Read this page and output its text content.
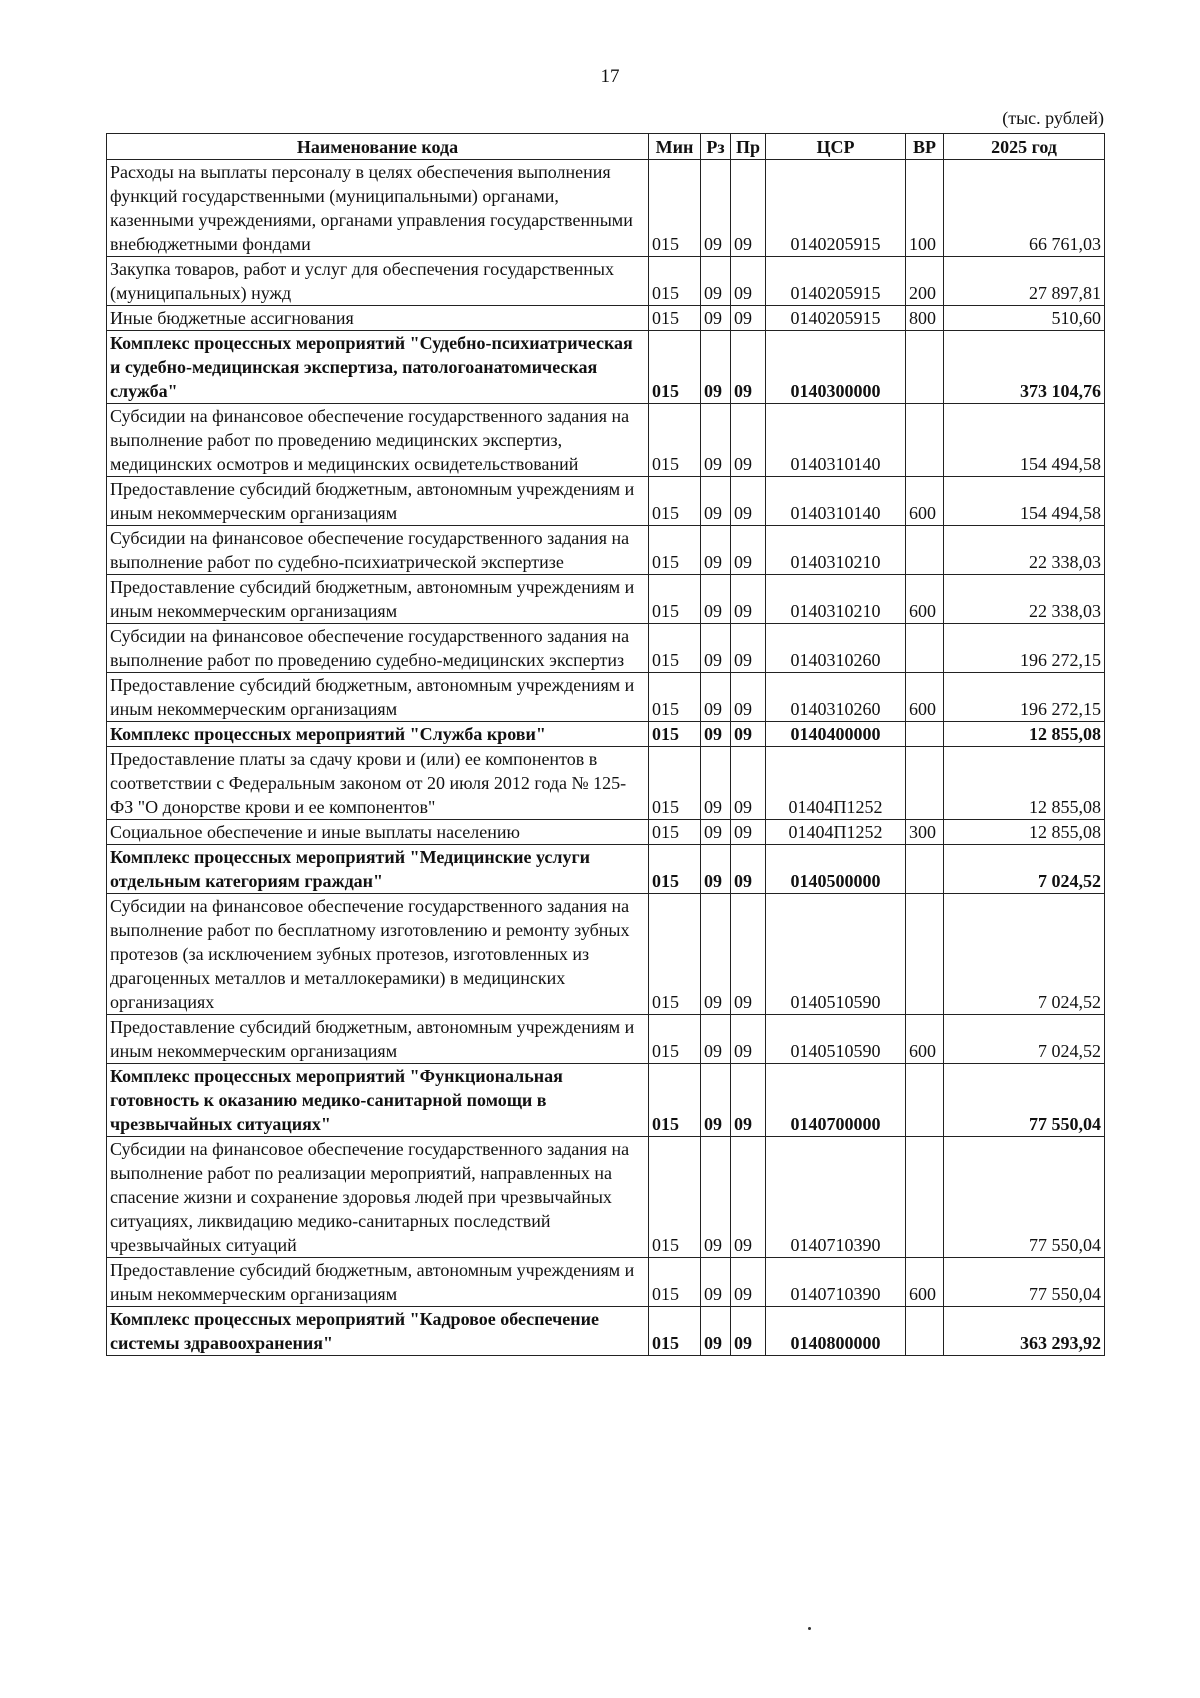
17
(тыс. рублей)
Наименование кода	Мин	Рз	Пр	ЦСР	ВР	2025 год
Расходы на выплаты персоналу в целях обеспечения выполнения функций государственными (муниципальными) органами, казенными учреждениями, органами управления государственными внебюджетными фондами	015	09	09	0140205915	100	66 761,03
Закупка товаров, работ и услуг для обеспечения государственных (муниципальных) нужд	015	09	09	0140205915	200	27 897,81
Иные бюджетные ассигнования	015	09	09	0140205915	800	510,60
Комплекс процессных мероприятий "Судебно-психиатрическая и судебно-медицинская экспертиза, патологоанатомическая служба"	015	09	09	0140300000		373 104,76
Субсидии на финансовое обеспечение государственного задания на выполнение работ по проведению медицинских экспертиз, медицинских осмотров и медицинских освидетельствований	015	09	09	0140310140		154 494,58
Предоставление субсидий бюджетным, автономным учреждениям и иным некоммерческим организациям	015	09	09	0140310140	600	154 494,58
Субсидии на финансовое обеспечение государственного задания на выполнение работ по судебно-психиатрической экспертизе	015	09	09	0140310210		22 338,03
Предоставление субсидий бюджетным, автономным учреждениям и иным некоммерческим организациям	015	09	09	0140310210	600	22 338,03
Субсидии на финансовое обеспечение государственного задания на выполнение работ по проведению судебно-медицинских экспертиз	015	09	09	0140310260		196 272,15
Предоставление субсидий бюджетным, автономным учреждениям и иным некоммерческим организациям	015	09	09	0140310260	600	196 272,15
Комплекс процессных мероприятий "Служба крови"	015	09	09	0140400000		12 855,08
Предоставление платы за сдачу крови и (или) ее компонентов в соответствии с Федеральным законом от 20 июля 2012 года № 125-ФЗ "О донорстве крови и ее компонентов"	015	09	09	01404П1252		12 855,08
Социальное обеспечение и иные выплаты населению	015	09	09	01404П1252	300	12 855,08
Комплекс процессных мероприятий "Медицинские услуги отдельным категориям граждан"	015	09	09	0140500000		7 024,52
Субсидии на финансовое обеспечение государственного задания на выполнение работ по бесплатному изготовлению и ремонту зубных протезов (за исключением зубных протезов, изготовленных из драгоценных металлов и металлокерамики) в медицинских организациях	015	09	09	0140510590		7 024,52
Предоставление субсидий бюджетным, автономным учреждениям и иным некоммерческим организациям	015	09	09	0140510590	600	7 024,52
Комплекс процессных мероприятий "Функциональная готовность к оказанию медико-санитарной помощи в чрезвычайных ситуациях"	015	09	09	0140700000		77 550,04
Субсидии на финансовое обеспечение государственного задания на выполнение работ по реализации мероприятий, направленных на спасение жизни и сохранение здоровья людей при чрезвычайных ситуациях, ликвидацию медико-санитарных последствий чрезвычайных ситуаций	015	09	09	0140710390		77 550,04
Предоставление субсидий бюджетным, автономным учреждениям и иным некоммерческим организациям	015	09	09	0140710390	600	77 550,04
Комплекс процессных мероприятий "Кадровое обеспечение системы здравоохранения"	015	09	09	0140800000		363 293,92
